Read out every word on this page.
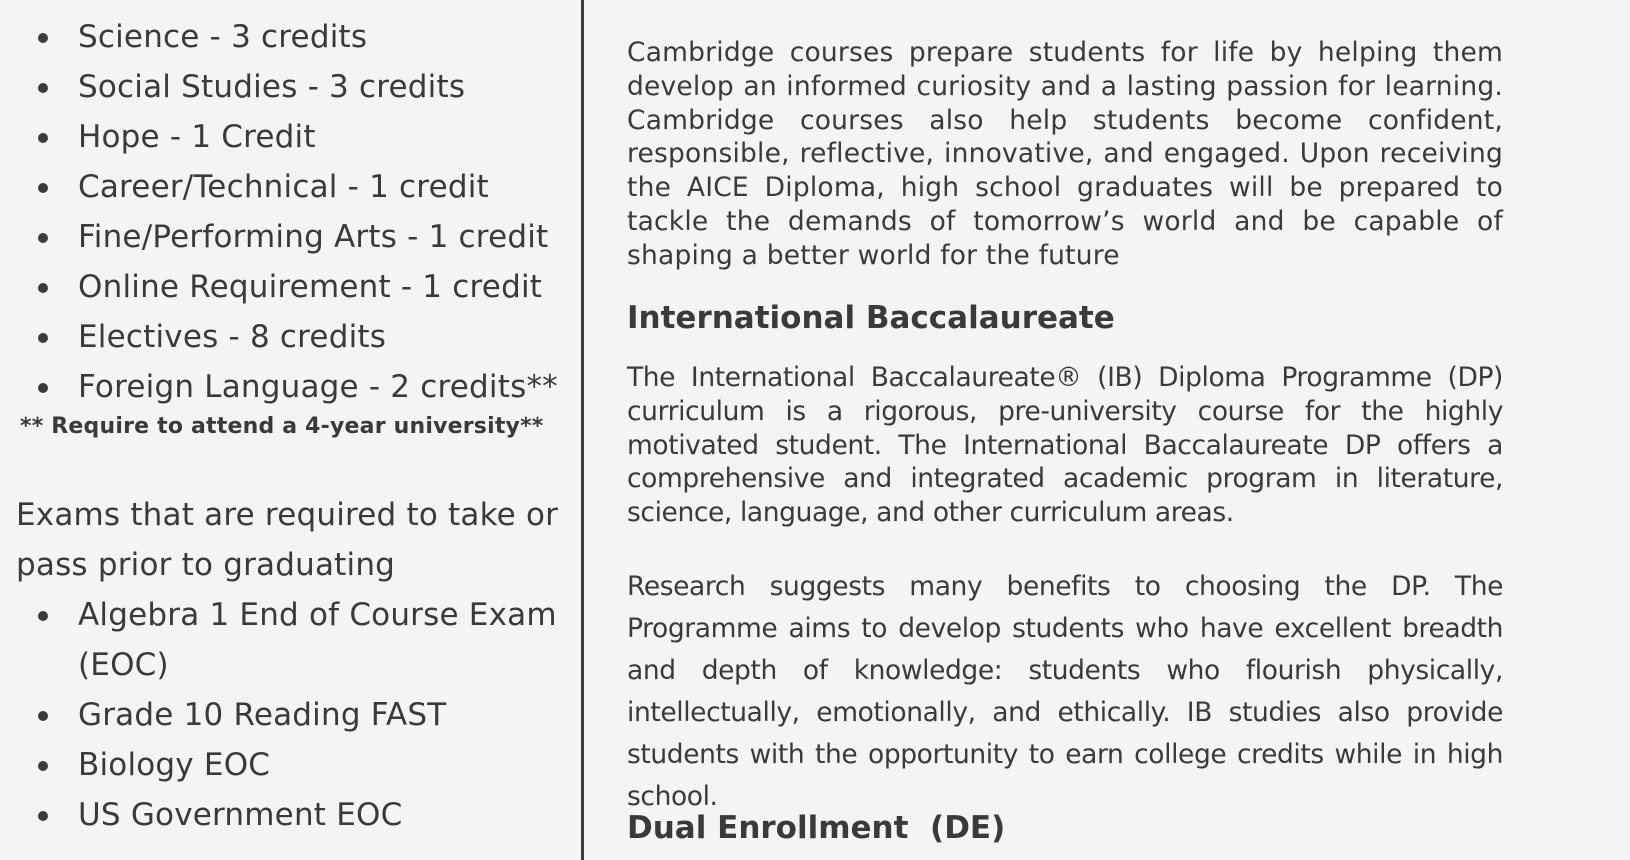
Science - 3 credits
Social Studies - 3 credits
Hope - 1 Credit
Career/Technical - 1 credit
Fine/Performing Arts - 1 credit
Online Requirement - 1 credit
Electives - 8 credits
Foreign Language - 2 credits**
** Require to attend a 4-year university**
Exams that are required to take or pass prior to graduating
Algebra 1 End of Course Exam (EOC)
Grade 10 Reading FAST
Biology EOC
US Government EOC
Cambridge courses prepare students for life by helping them develop an informed curiosity and a lasting passion for learning. Cambridge courses also help students become confident, responsible, reflective, innovative, and engaged. Upon receiving the AICE Diploma, high school graduates will be prepared to tackle the demands of tomorrow’s world and be capable of shaping a better world for the future
International Baccalaureate
The International Baccalaureate® (IB) Diploma Programme (DP) curriculum is a rigorous, pre-university course for the highly motivated student. The International Baccalaureate DP offers a comprehensive and integrated academic program in literature, science, language, and other curriculum areas.
Research suggests many benefits to choosing the DP. The Programme aims to develop students who have excellent breadth and depth of knowledge: students who flourish physically, intellectually, emotionally, and ethically. IB studies also provide students with the opportunity to earn college credits while in high school.
Dual Enrollment  (DE)
